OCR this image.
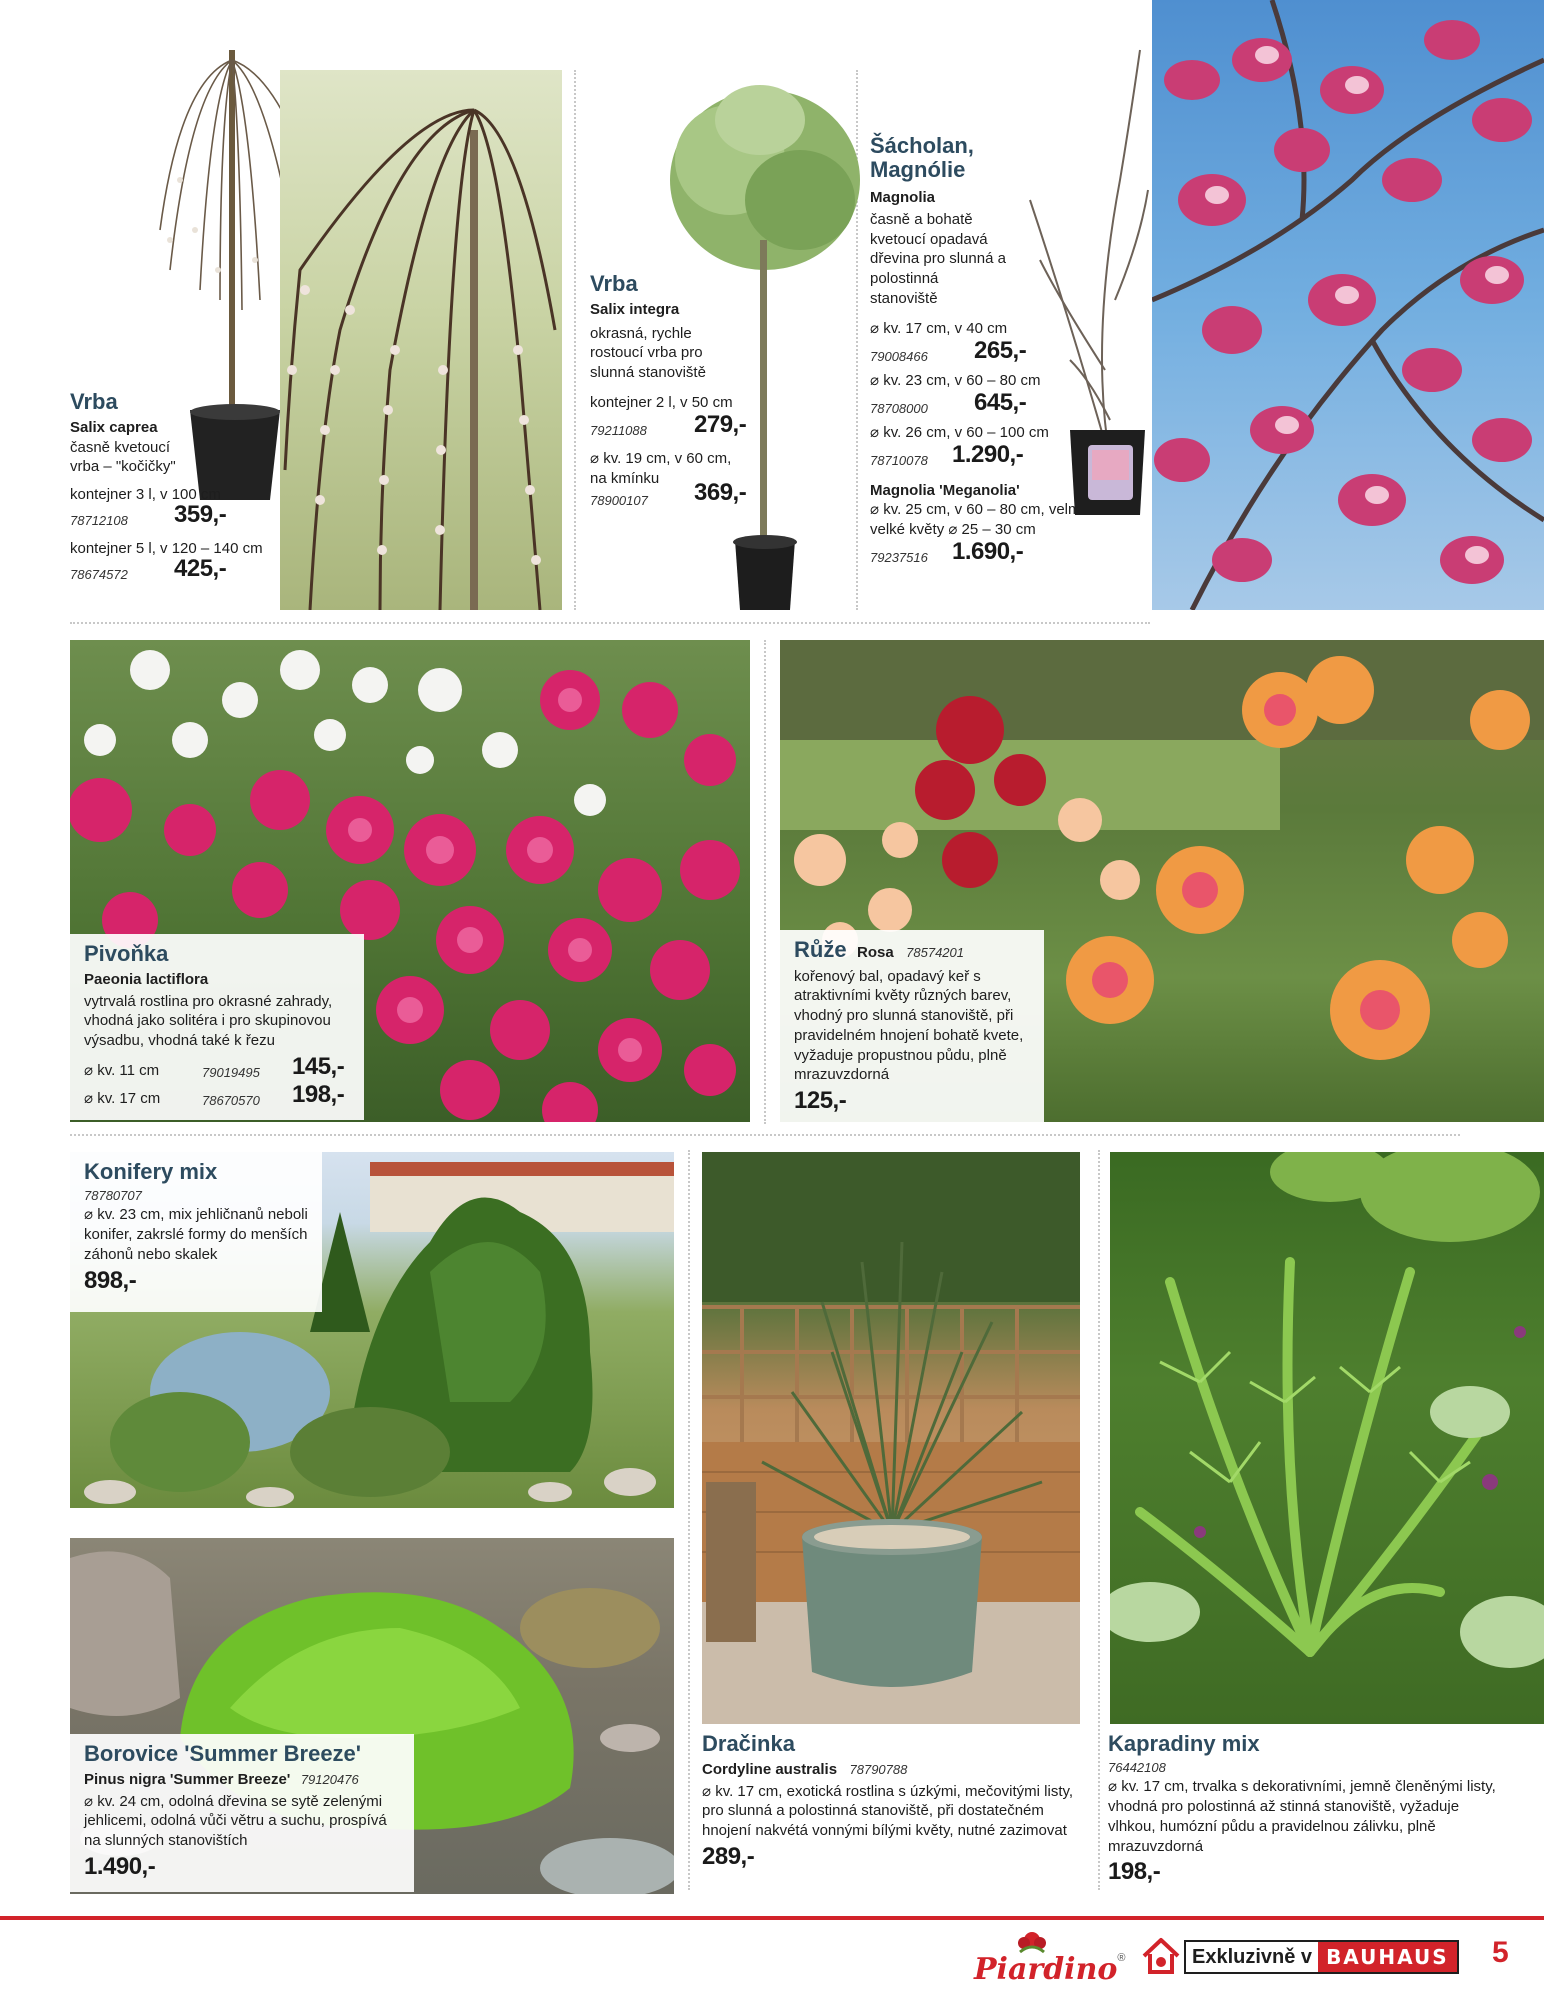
Vrba
Salix caprea
časně kvetoucí vrba – "kočičky"
kontejner 3 l, v 100 cm
78712108 359,-
kontejner 5 l, v 120 – 140 cm
78674572 425,-
Vrba
Salix integra
okrasná, rychle rostoucí vrba pro slunná stanoviště
kontejner 2 l, v 50 cm
79211088 279,-
⌀ kv. 19 cm, v 60 cm, na kmínku
78900107 369,-
Šácholan, Magnólie
Magnolia
časně a bohatě kvetoucí opadavá dřevina pro slunná a polostinná stanoviště
⌀ kv. 17 cm, v 40 cm
79008466 265,-
⌀ kv. 23 cm, v 60 – 80 cm
78708000 645,-
⌀ kv. 26 cm, v 60 – 100 cm
78710078 1.290,-
Magnolia 'Meganolia'
⌀ kv. 25 cm, v 60 – 80 cm, velmi velké květy ⌀ 25 – 30 cm
79237516 1.690,-
Pivoňka
Paeonia lactiflora
vytrvalá rostlina pro okrasné zahrady, vhodná jako solitéra i pro skupinovou výsadbu, vhodná také k řezu
⌀ kv. 11 cm	79019495 145,-
⌀ kv. 17 cm	78670570 198,-
Růže Rosa 78574201
kořenový bal, opadavý keř s atraktivními květy různých barev, vhodný pro slunná stanoviště, při pravidelném hnojení bohatě kvete, vyžaduje propustnou půdu, plně mrazuvzdorná
125,-
Konifery mix
78780707
⌀ kv. 23 cm, mix jehličnanů neboli konifer, zakrslé formy do menších záhonů nebo skalek
898,-
Borovice 'Summer Breeze'
Pinus nigra 'Summer Breeze' 79120476
⌀ kv. 24 cm, odolná dřevina se sytě zelenými jehlicemi, odolná vůči větru a suchu, prospívá na slunných stanovištích
1.490,-
Dračinka
Cordyline australis 78790788
⌀ kv. 17 cm, exotická rostlina s úzkými, mečovitými listy, pro slunná a polostinná stanoviště, při dostatečném hnojení nakvétá vonnými bílými květy, nutné zazimovat
289,-
Kapradiny mix
76442108
⌀ kv. 17 cm, trvalka s dekorativními, jemně členěnými listy, vhodná pro polostinná až stinná stanoviště, vyžaduje vlhkou, humózní půdu a pravidelnou zálivku, plně mrazuvzdorná
198,-
Piardino®	Exkluzivně v BAUHAUS 5
